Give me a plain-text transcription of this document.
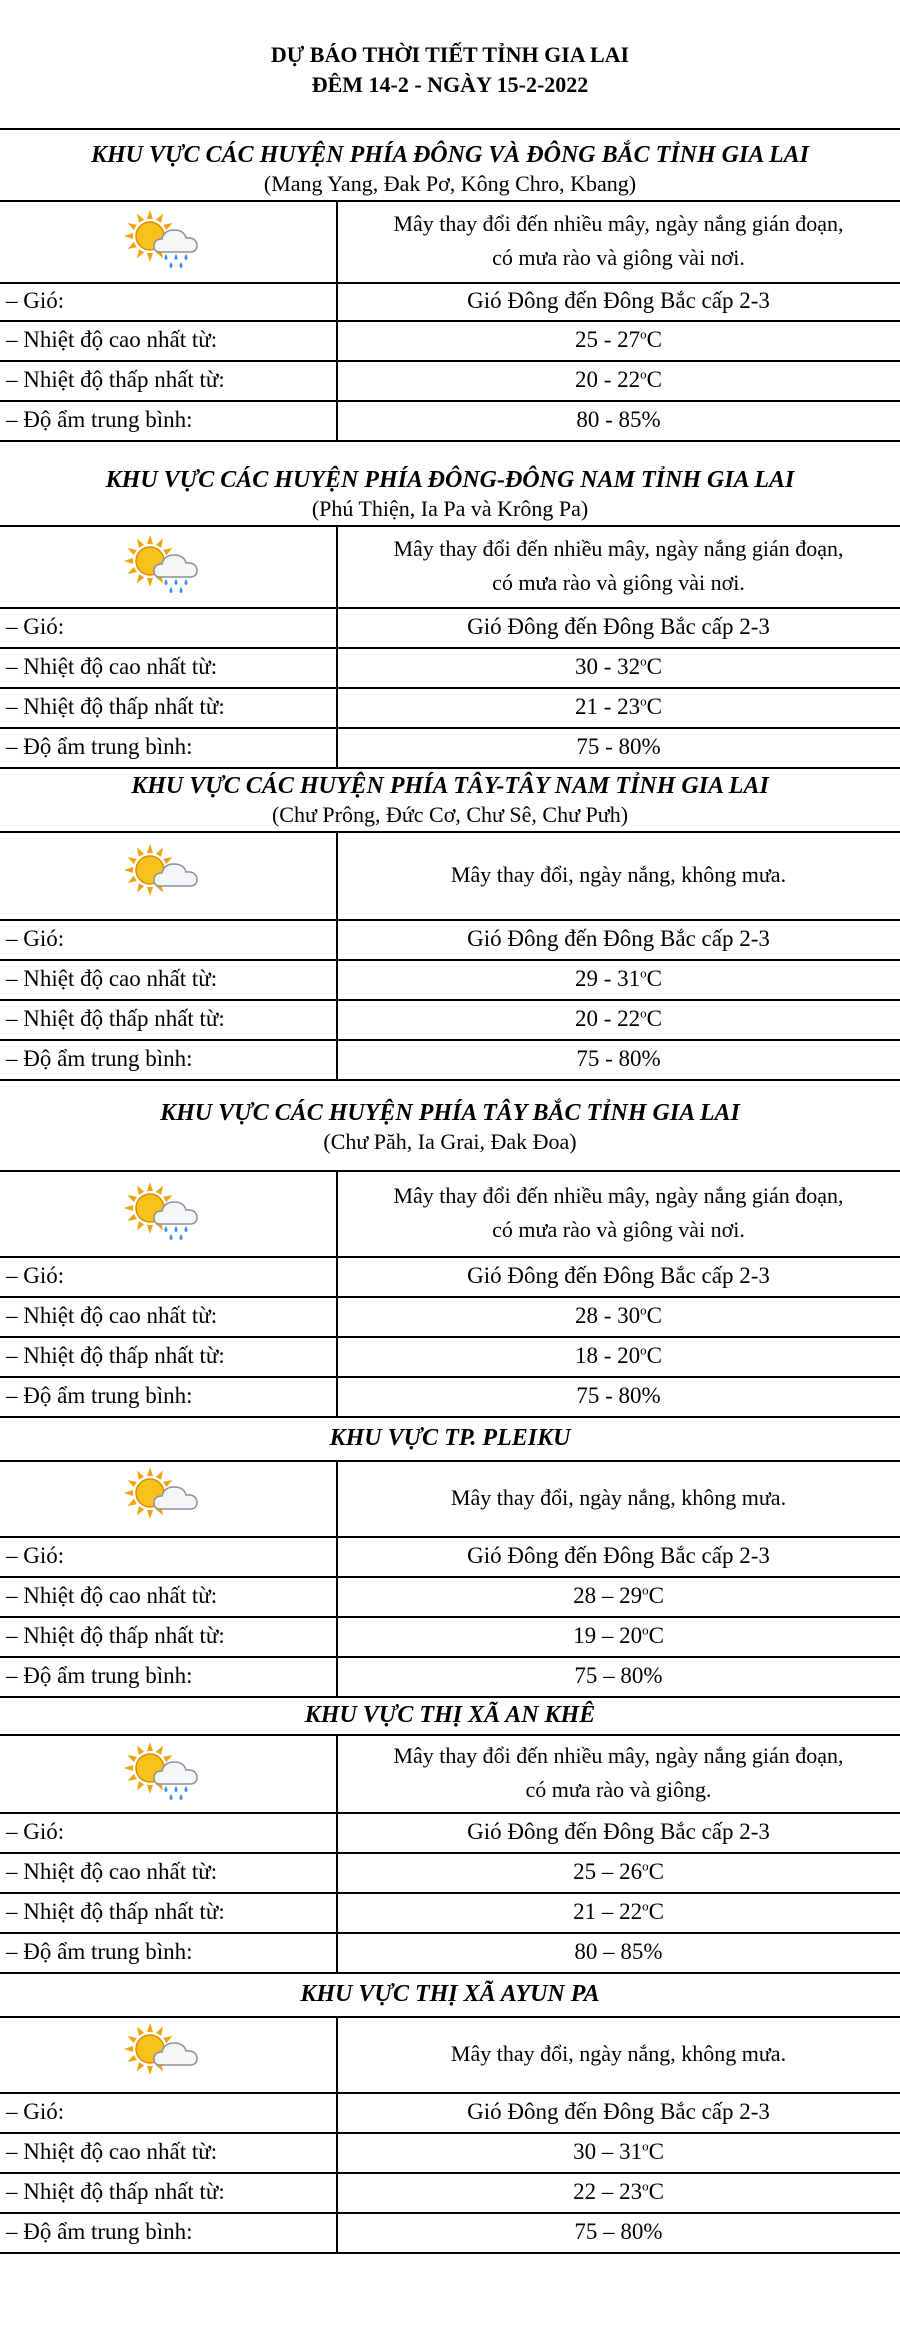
DỰ BÁO THỜI TIẾT TỈNH GIA LAI
ĐÊM 14-2 - NGÀY 15-2-2022
KHU VỰC CÁC HUYỆN PHÍA ĐÔNG VÀ ĐÔNG BẮC TỈNH GIA LAI
(Mang Yang, Đak Pơ, Kông Chro, Kbang)
Mây thay đổi đến nhiều mây, ngày nắng gián đoạn,
có mưa rào và giông vài nơi.
– Gió:	Gió Đông đến Đông Bắc cấp 2-3
– Nhiệt độ cao nhất từ:	25 - 27$^o$C
– Nhiệt độ thấp nhất từ:	20 - 22$^o$C
– Độ ẩm trung bình:	80 - 85%
KHU VỰC CÁC HUYỆN PHÍA ĐÔNG-ĐÔNG NAM TỈNH GIA LAI
(Phú Thiện, Ia Pa và Krông Pa)
Mây thay đổi đến nhiều mây, ngày nắng gián đoạn,
có mưa rào và giông vài nơi.
– Gió:	Gió Đông đến Đông Bắc cấp 2-3
– Nhiệt độ cao nhất từ:	30 - 32$^o$C
– Nhiệt độ thấp nhất từ:	21 - 23$^o$C
– Độ ẩm trung bình:	75 - 80%
KHU VỰC CÁC HUYỆN PHÍA TÂY-TÂY NAM TỈNH GIA LAI
(Chư Prông, Đức Cơ, Chư Sê, Chư Pưh)
Mây thay đổi, ngày nắng, không mưa.
– Gió:	Gió Đông đến Đông Bắc cấp 2-3
– Nhiệt độ cao nhất từ:	29 - 31$^o$C
– Nhiệt độ thấp nhất từ:	20 - 22$^o$C
– Độ ẩm trung bình:	75 - 80%
KHU VỰC CÁC HUYỆN PHÍA TÂY BẮC TỈNH GIA LAI
(Chư Păh, Ia Grai, Đak Đoa)
Mây thay đổi đến nhiều mây, ngày nắng gián đoạn,
có mưa rào và giông vài nơi.
– Gió:	Gió Đông đến Đông Bắc cấp 2-3
– Nhiệt độ cao nhất từ:	28 - 30$^o$C
– Nhiệt độ thấp nhất từ:	18 - 20$^o$C
– Độ ẩm trung bình:	75 - 80%
KHU VỰC TP. PLEIKU
Mây thay đổi, ngày nắng, không mưa.
– Gió:	Gió Đông đến Đông Bắc cấp 2-3
– Nhiệt độ cao nhất từ:	28 – 29$^o$C
– Nhiệt độ thấp nhất từ:	19 – 20$^o$C
– Độ ẩm trung bình:	75 – 80%
KHU VỰC THỊ XÃ AN KHÊ
Mây thay đổi đến nhiều mây, ngày nắng gián đoạn,
có mưa rào và giông.
– Gió:	Gió Đông đến Đông Bắc cấp 2-3
– Nhiệt độ cao nhất từ:	25 – 26$^o$C
– Nhiệt độ thấp nhất từ:	21 – 22$^o$C
– Độ ẩm trung bình:	80 – 85%
KHU VỰC THỊ XÃ AYUN PA
Mây thay đổi, ngày nắng, không mưa.
– Gió:	Gió Đông đến Đông Bắc cấp 2-3
– Nhiệt độ cao nhất từ:	30 – 31$^o$C
– Nhiệt độ thấp nhất từ:	22 – 23$^o$C
– Độ ẩm trung bình:	75 – 80%
